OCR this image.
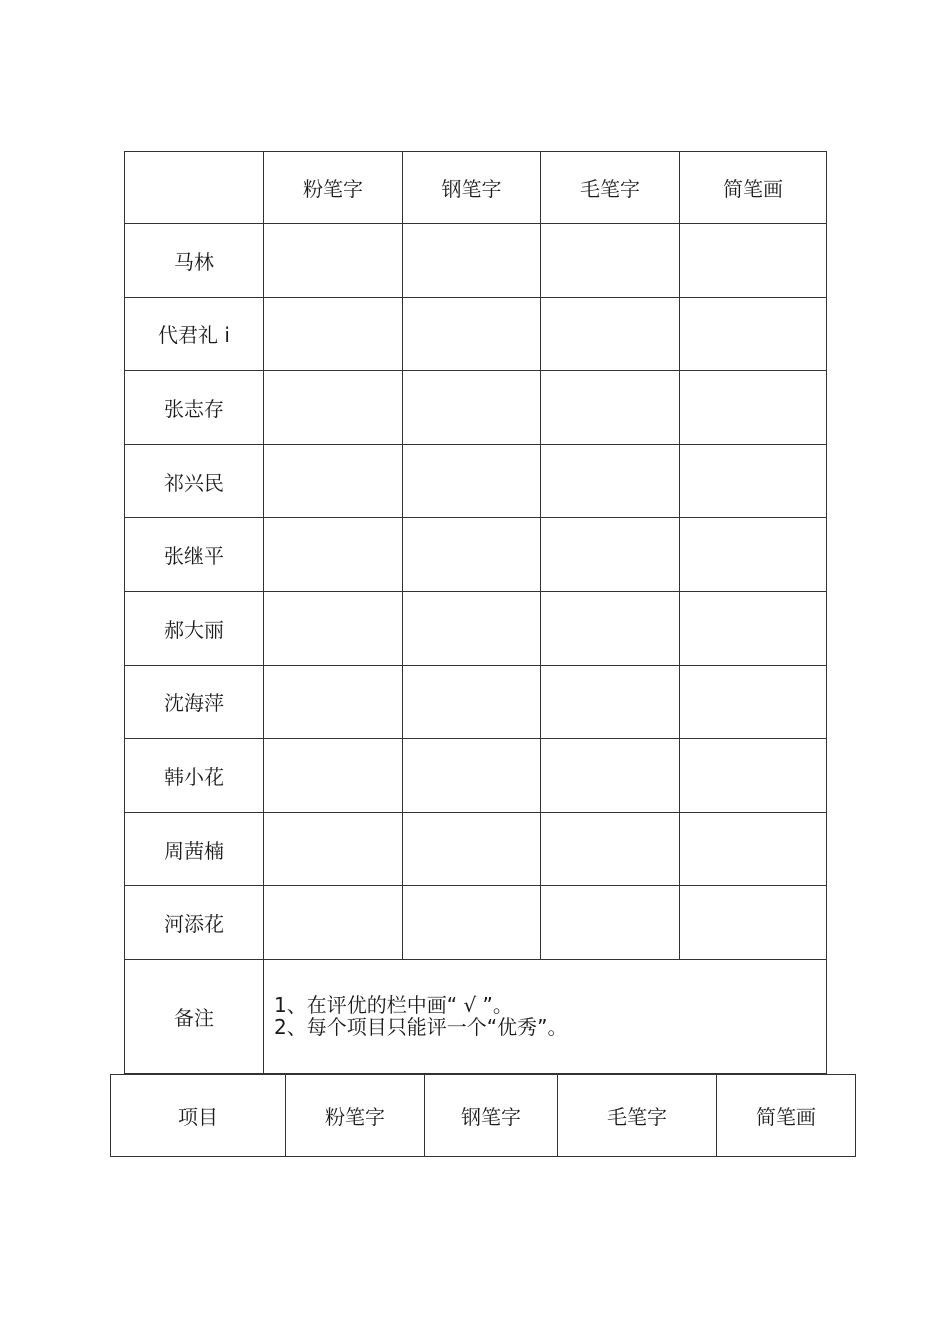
	粉笔字	钢笔字	毛笔字	简笔画
马林				
代君礼 i				
张志存				
祁兴民				
张继平				
郝大丽				
沈海萍				
韩小花				
周茜楠				
河添花				
备注	1、在评优的栏中画“ √ ”。
2、每个项目只能评一个“优秀”。			
项目	粉笔字	钢笔字	毛笔字	简笔画
